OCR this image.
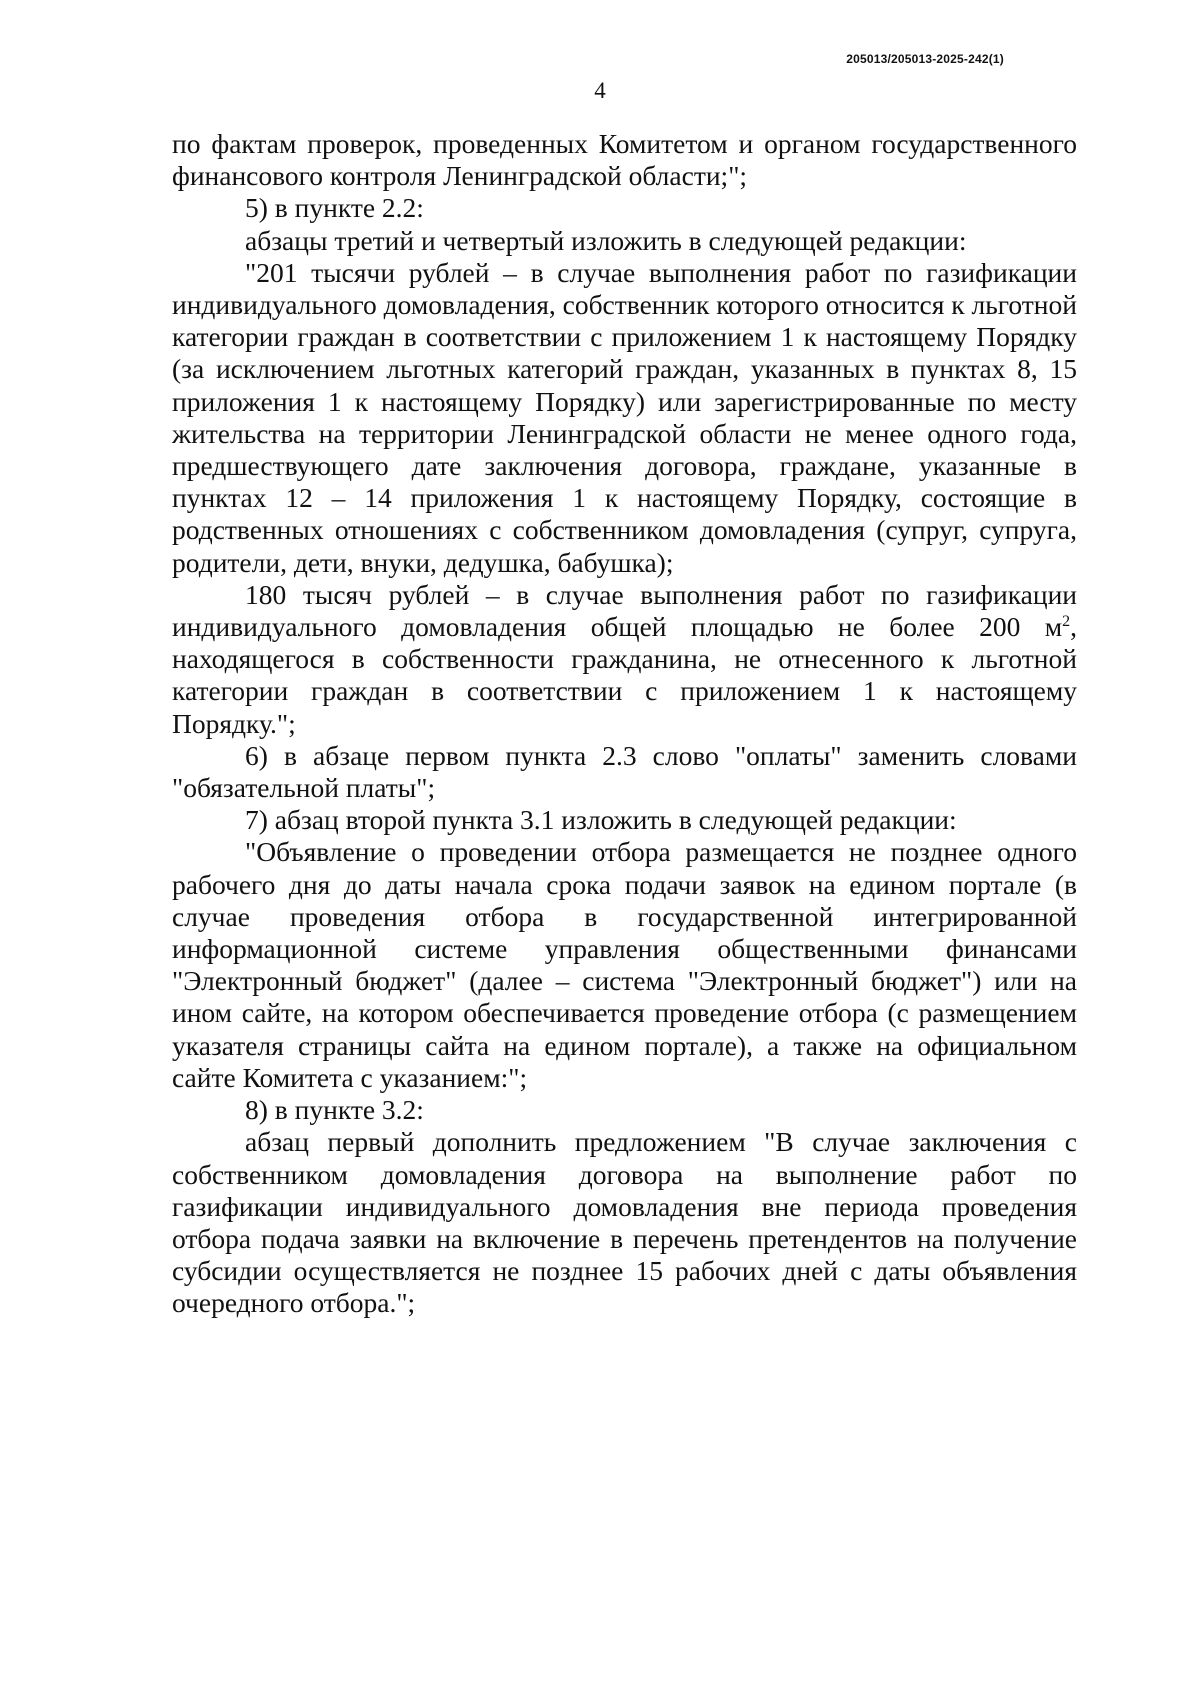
205013/205013-2025-242(1)
4

по фактам проверок, проведенных Комитетом и органом государственного финансового контроля Ленинградской области;";

5) в пункте 2.2:

абзацы третий и четвертый изложить в следующей редакции:

"201 тысячи рублей – в случае выполнения работ по газификации индивидуального домовладения, собственник которого относится к льготной категории граждан в соответствии с приложением 1 к настоящему Порядку (за исключением льготных категорий граждан, указанных в пунктах 8, 15 приложения 1 к настоящему Порядку) или зарегистрированные по месту жительства на территории Ленинградской области не менее одного года, предшествующего дате заключения договора, граждане, указанные в пунктах 12 – 14 приложения 1 к настоящему Порядку, состоящие в родственных отношениях с собственником домовладения (супруг, супруга, родители, дети, внуки, дедушка, бабушка);

180 тысяч рублей – в случае выполнения работ по газификации индивидуального домовладения общей площадью не более 200 $м^2$, находящегося в собственности гражданина, не отнесенного к льготной категории граждан в соответствии с приложением 1 к настоящему Порядку.";

6) в абзаце первом пункта 2.3 слово "оплаты" заменить словами "обязательной платы";

7) абзац второй пункта 3.1 изложить в следующей редакции:

"Объявление о проведении отбора размещается не позднее одного рабочего дня до даты начала срока подачи заявок на едином портале (в случае проведения отбора в государственной интегрированной информационной системе управления общественными финансами "Электронный бюджет" (далее – система "Электронный бюджет") или на ином сайте, на котором обеспечивается проведение отбора (с размещением указателя страницы сайта на едином портале), а также на официальном сайте Комитета с указанием:";

8) в пункте 3.2:

абзац первый дополнить предложением "В случае заключения с собственником домовладения договора на выполнение работ по газификации индивидуального домовладения вне периода проведения отбора подача заявки на включение в перечень претендентов на получение субсидии осуществляется не позднее 15 рабочих дней с даты объявления очередного отбора.";
